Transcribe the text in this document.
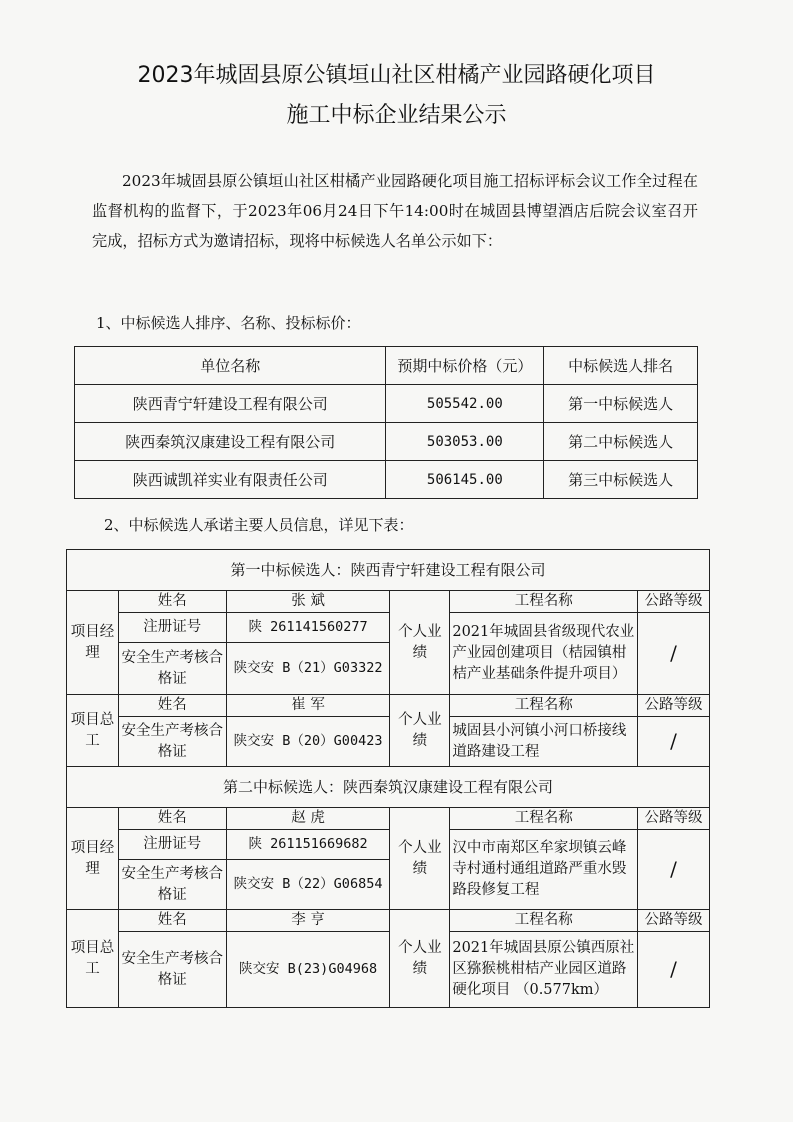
2023年城固县原公镇垣山社区柑橘产业园路硬化项目
施工中标企业结果公示
2023年城固县原公镇垣山社区柑橘产业园路硬化项目施工招标评标会议工作全过程在监督机构的监督下，于2023年06月24日下午14:00时在城固县博望酒店后院会议室召开完成，招标方式为邀请招标，现将中标候选人名单公示如下：
1、中标候选人排序、名称、投标标价：
单位名称	预期中标价格（元）	中标候选人排名
陕西青宁轩建设工程有限公司	505542.00	第一中标候选人
陕西秦筑汉康建设工程有限公司	503053.00	第二中标候选人
陕西诚凯祥实业有限责任公司	506145.00	第三中标候选人
2、中标候选人承诺主要人员信息，详见下表：
第一中标候选人：陕西青宁轩建设工程有限公司					
项目经理	姓名	张 斌	个人业绩	工程名称	公路等级
	注册证号	陕 261141560277		2021年城固县省级现代农业产业园创建项目（桔园镇柑桔产业基础条件提升项目）	/
	安全生产考核合格证	陕交安 B（21）G03322			
项目总工	姓名	崔 军	个人业绩	工程名称	公路等级
	安全生产考核合格证	陕交安 B（20）G00423		城固县小河镇小河口桥接线道路建设工程	/
第二中标候选人：陕西秦筑汉康建设工程有限公司					
项目经理	姓名	赵 虎	个人业绩	工程名称	公路等级
	注册证号	陕 261151669682		汉中市南郑区牟家坝镇云峰寺村通村通组道路严重水毁路段修复工程	/
	安全生产考核合格证	陕交安 B（22）G06854			
项目总工	姓名	李 亨	个人业绩	工程名称	公路等级
	安全生产考核合格证	陕交安 B(23)G04968		2021年城固县原公镇西原社区猕猴桃柑桔产业园区道路硬化项目 （0.577km）	/
